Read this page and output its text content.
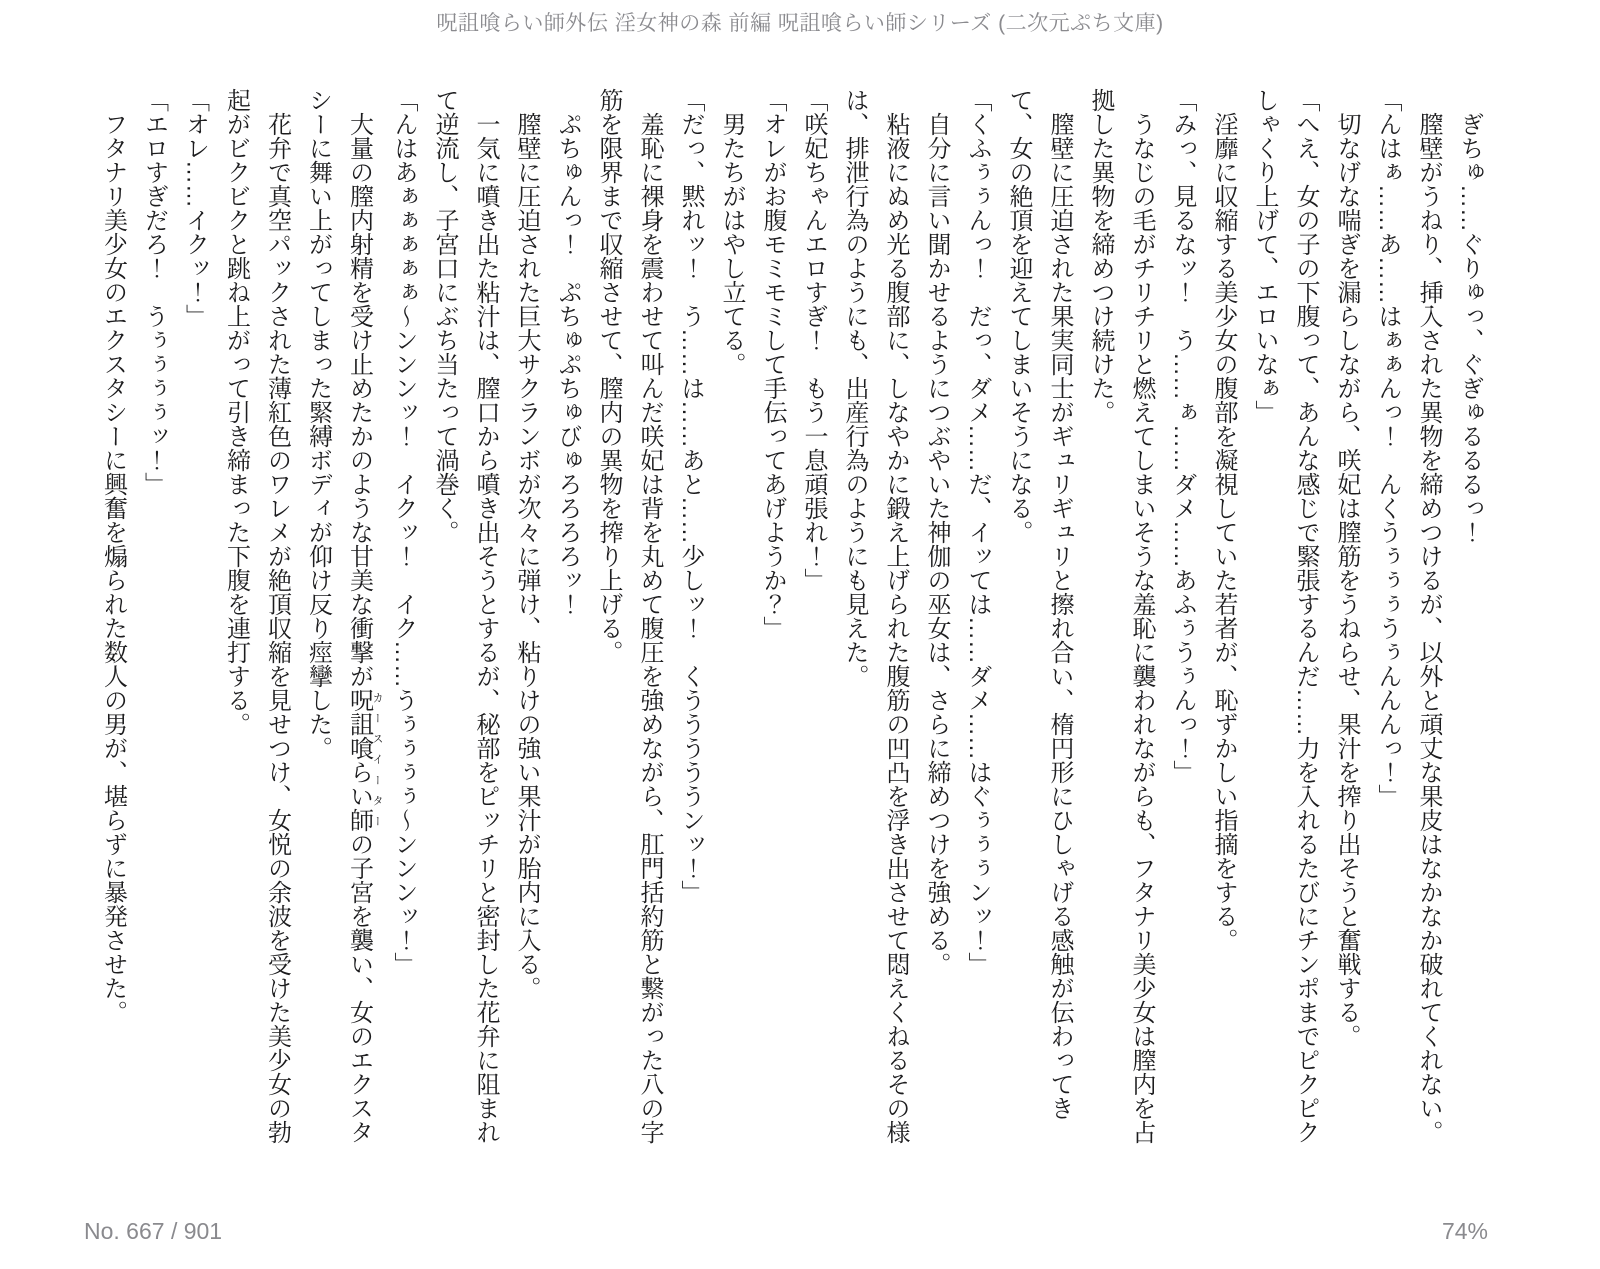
呪詛喰らい師外伝 淫女神の森 前編 呪詛喰らい師シリーズ (二次元ぷち文庫)

ぎちゅ……ぐりゅっ、ぐぎゅるるるっ！

膣壁がうねり、挿入された異物を締めつけるが、以外と頑丈な果皮はなかなか破れてくれない。

「んはぁ……あ……はぁぁんっ！　んくうぅぅぅうぅんんんっ！」

切なげな喘ぎを漏らしながら、咲妃は膣筋をうねらせ、果汁を搾り出そうと奮戦する。

「へえ、女の子の下腹って、あんな感じで緊張するんだ……力を入れるたびにチンポまでピクピクしゃくり上げて、エロいなぁ」

淫靡に収縮する美少女の腹部を凝視していた若者が、恥ずかしい指摘をする。

「みっ、見るなッ！　う……ぁ……ダメ……あふぅうぅんっ！」

うなじの毛がチリチリと燃えてしまいそうな羞恥に襲われながらも、フタナリ美少女は膣内を占拠した異物を締めつけ続けた。

膣壁に圧迫された果実同士がギュリギュリと擦れ合い、楕円形にひしゃげる感触が伝わってきて、女の絶頂を迎えてしまいそうになる。

「くふぅぅんっ！　だっ、ダメ……だ、イッては……ダメ……はぐぅぅぅンッ！」

自分に言い聞かせるようにつぶやいた神伽の巫女は、さらに締めつけを強める。

粘液にぬめ光る腹部に、しなやかに鍛え上げられた腹筋の凹凸を浮き出させて悶えくねるその様は、排泄行為のようにも、出産行為のようにも見えた。

「咲妃ちゃんエロすぎ！　もう一息頑張れ！」

「オレがお腹モミモミして手伝ってあげようか？」

男たちがはやし立てる。

「だっ、黙れッ！　う……は……あと……少しッ！　くうううううンッ！」

羞恥に裸身を震わせて叫んだ咲妃は背を丸めて腹圧を強めながら、肛門括約筋と繋がった八の字筋を限界まで収縮させて、膣内の異物を搾り上げる。

ぷちゅんっ！　ぷちゅぷちゅびゅろろろろッ！

膣壁に圧迫された巨大サクランボが次々に弾け、粘りけの強い果汁が胎内に入る。

一気に噴き出た粘汁は、膣口から噴き出そうとするが、秘部をピッチリと密封した花弁に阻まれて逆流し、子宮口にぶち当たって渦巻く。

「んはあぁぁぁぁぁ～ンンンッ！　イクッ！　イク……うぅぅぅぅ～ンンンッ！」

大量の膣内射精を受け止めたかのような甘美な衝撃が呪詛喰らい師カースイーターの子宮を襲い、女のエクスタシーに舞い上がってしまった緊縛ボディが仰け反り痙攣した。

花弁で真空パックされた薄紅色のワレメが絶頂収縮を見せつけ、女悦の余波を受けた美少女の勃起がビクビクと跳ね上がって引き締まった下腹を連打する。

「オレ……イクッ！」

「エロすぎだろ！　うぅぅぅぅッ！」

フタナリ美少女のエクスタシーに興奮を煽られた数人の男が、堪らずに暴発させた。

No. 667 / 901	74%
